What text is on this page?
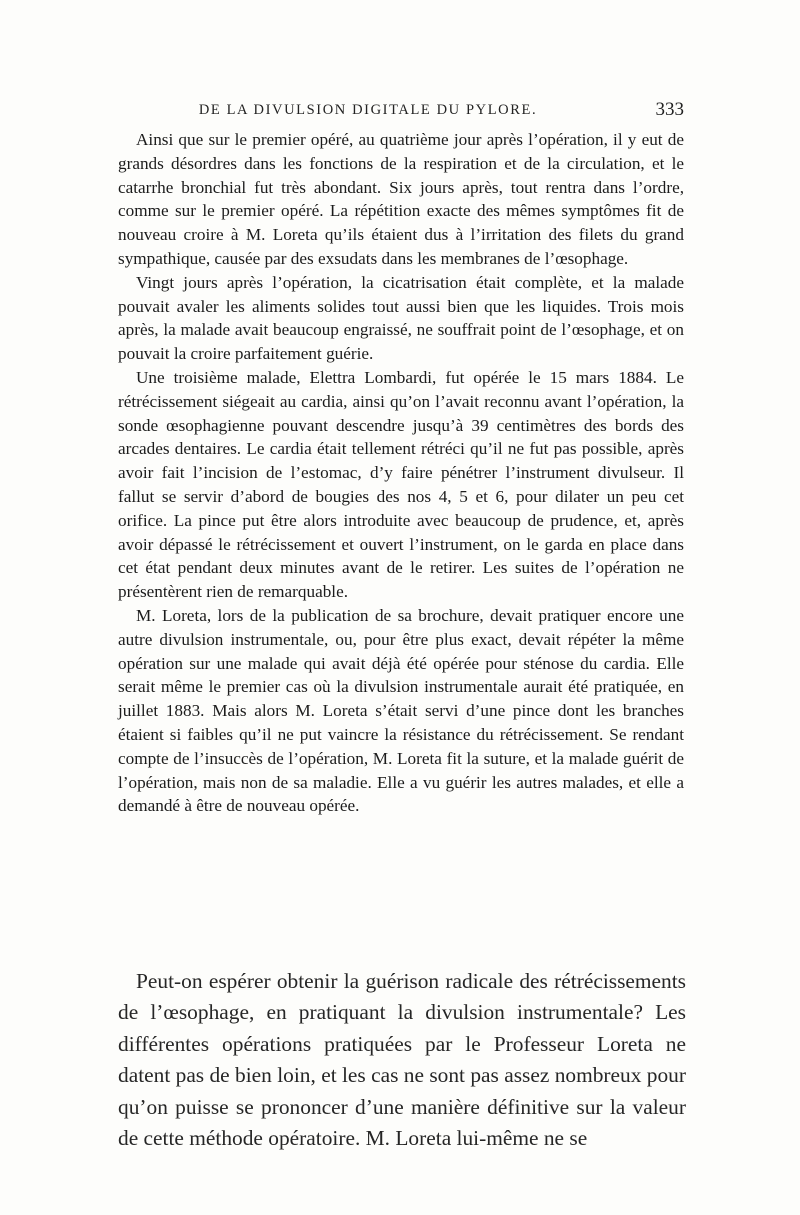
DE LA DIVULSION DIGITALE DU PYLORE.	333

Ainsi que sur le premier opéré, au quatrième jour après l’opération, il y eut de grands désordres dans les fonctions de la respiration et de la circulation, et le catarrhe bronchial fut très abondant. Six jours après, tout rentra dans l’ordre, comme sur le premier opéré. La répétition exacte des mêmes symptômes fit de nouveau croire à M. Loreta qu’ils étaient dus à l’irritation des filets du grand sympathique, causée par des exsudats dans les membranes de l’œsophage.

Vingt jours après l’opération, la cicatrisation était complète, et la malade pouvait avaler les aliments solides tout aussi bien que les liquides. Trois mois après, la malade avait beaucoup engraissé, ne souffrait point de l’œsophage, et on pouvait la croire parfaitement guérie.

Une troisième malade, Elettra Lombardi, fut opérée le 15 mars 1884. Le rétrécissement siégeait au cardia, ainsi qu’on l’avait reconnu avant l’opération, la sonde œsophagienne pouvant descendre jusqu’à 39 centimètres des bords des arcades dentaires. Le cardia était tellement rétréci qu’il ne fut pas possible, après avoir fait l’incision de l’estomac, d’y faire pénétrer l’instrument divulseur. Il fallut se servir d’abord de bougies des nos 4, 5 et 6, pour dilater un peu cet orifice. La pince put être alors introduite avec beaucoup de prudence, et, après avoir dépassé le rétrécissement et ouvert l’instrument, on le garda en place dans cet état pendant deux minutes avant de le retirer. Les suites de l’opération ne présentèrent rien de remarquable.

M. Loreta, lors de la publication de sa brochure, devait pratiquer encore une autre divulsion instrumentale, ou, pour être plus exact, devait répéter la même opération sur une malade qui avait déjà été opérée pour sténose du cardia. Elle serait même le premier cas où la divulsion instrumentale aurait été pratiquée, en juillet 1883. Mais alors M. Loreta s’était servi d’une pince dont les branches étaient si faibles qu’il ne put vaincre la résistance du rétrécissement. Se rendant compte de l’insuccès de l’opération, M. Loreta fit la suture, et la malade guérit de l’opération, mais non de sa maladie. Elle a vu guérir les autres malades, et elle a demandé à être de nouveau opérée.

Peut-on espérer obtenir la guérison radicale des rétrécissements de l’œsophage, en pratiquant la divulsion instrumentale? Les différentes opérations pratiquées par le Professeur Loreta ne datent pas de bien loin, et les cas ne sont pas assez nombreux pour qu’on puisse se prononcer d’une manière définitive sur la valeur de cette méthode opératoire. M. Loreta lui-même ne se
